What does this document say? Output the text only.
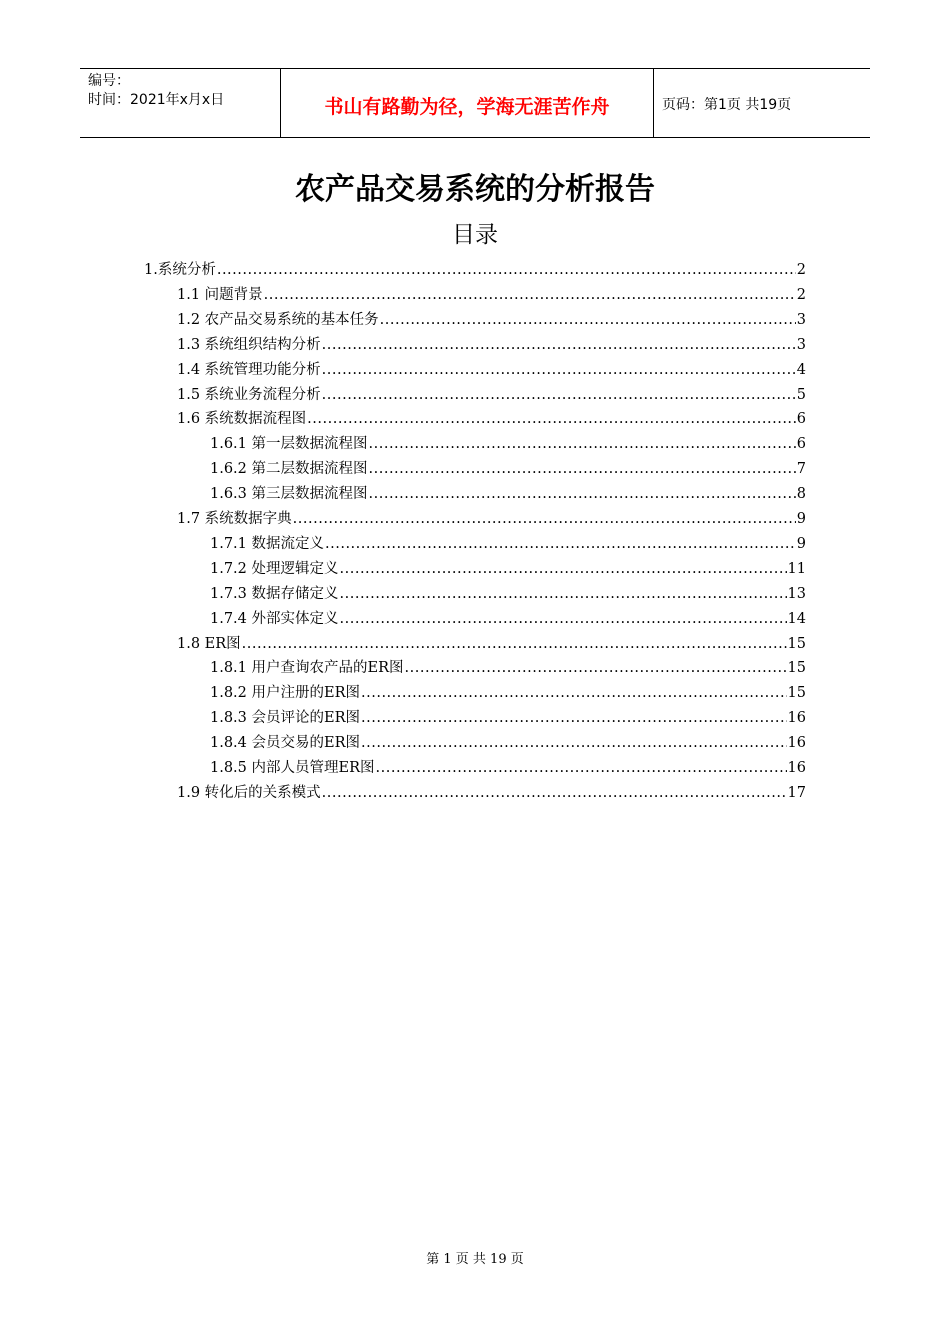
编号：
时间：2021年x月x日	书山有路勤为径，学海无涯苦作舟	页码：第1页 共19页
农产品交易系统的分析报告
目录
1.系统分析 .....	2
1.1 问题背景 .....	2
1.2 农产品交易系统的基本任务 .....	3
1.3 系统组织结构分析 .....	3
1.4 系统管理功能分析 .....	4
1.5 系统业务流程分析 .....	5
1.6 系统数据流程图 .....	6
1.6.1 第一层数据流程图 .....	6
1.6.2 第二层数据流程图 .....	7
1.6.3 第三层数据流程图 .....	8
1.7 系统数据字典 .....	9
1.7.1 数据流定义 .....	9
1.7.2 处理逻辑定义 .....	11
1.7.3 数据存储定义 .....	13
1.7.4 外部实体定义 .....	14
1.8 ER图 .....	15
1.8.1 用户查询农产品的ER图 .....	15
1.8.2 用户注册的ER图 .....	15
1.8.3 会员评论的ER图 .....	16
1.8.4 会员交易的ER图 .....	16
1.8.5 内部人员管理ER图 .....	16
1.9 转化后的关系模式 .....	17
第 1 页 共 19 页
